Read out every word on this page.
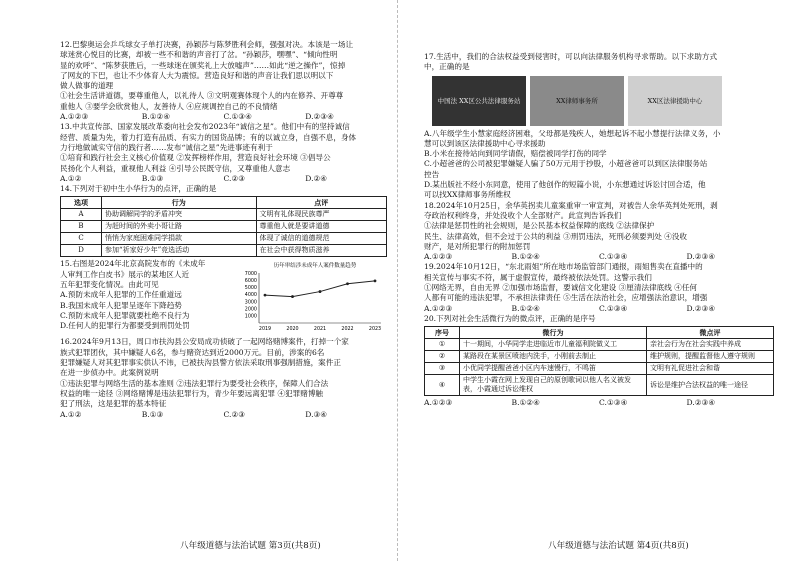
12.巴黎奥运会乒乓球女子单打决赛，孙颖莎与陈梦胜利会师，强强对决。本该是一场让
球迷赏心悦目的比赛，却被一些不和谐的声音打了岔。“孙颖莎，嘿嘿”、“倾向性明
显的欢呼”、“陈梦获胜后，一些球迷在颁奖礼上大放嘘声”……如此“逆之操作”，惊掉
了网友的下巴，也让不少体育人大为震惊。营造良好和谐的声音让我们思以明以下
做人做事的道理
①社会生活讲道德，要尊重他人，以礼待人 ③文明观赛体现个人的内在修养、开尊尊
重他人 ③要学会欣赏他人，友善待人 ④应规调控自己的不良情绪
A.①②③	B.①②④	C.①③④	D.②③④
13.中共宣传部、国家发展改革委向社会发布2023年“诚信之星”。他们中有的坚持诚信
经营、质量为先，着力打造有品质、有实力的国货品牌；有的以诚立身，自强不息，身体
力行地做诚实守信的践行者……发布“诚信之星”先进事迹有利于
①培育和践行社会主义核心价值观 ②发挥榜样作用，营造良好社会环境 ③倡导公
民扬化个人利益，重视他人利益 ④引导公民既守信，又尊重他人意志
A.①②	B.①③	C.②③	D.②④
14.下列对于初中生小华行为的点评，正确的是
选项	行为	点评
A	协助调解同学的矛盾冲突	文明有礼体现民族尊严
B	为赶时间的外卖小哥让路	尊重他人就是要讲道德
C	悄悄为家庭困难同学捐款	体现了诚信的道德规范
D	参加“祈家好少年”竞选活动	在社会中获得物质滋养
15.右图是2024年北京高院发布的《未成年
人审判工作白皮书》展示的某地区人近
五年犯罪变化情况。由此可见
A.预防未成年人犯罪的工作任重道远
B.我国未成年人犯罪呈逐年下降趋势
C.预防未成年人犯罪就要杜绝不良行为
D.任何人的犯罪行为都要受到刑罚处罚
历年审结涉未成年人案件数量趋势
1000
2000
3000
4000
5000
6000
7000
2019	2020	2021	2022	2023
16.2024年9月13日，周口市扶沟县公安局成功侦破了一起网络赌博案件，打掉一个家
族式犯罪团伙，其中嫌疑人6名，参与赌资达到近2000万元。目前，涉案的6名
犯罪嫌疑人对其犯罪事实供认不讳，已被扶沟县警方依法采取刑事强制措施，案件正
在进一步侦办中。此案例说明
①违法犯罪与网络生活的基本准则 ②违法犯罪行为要受社会秩序，保障人们合法
权益的唯一途径 ③网络赌博是违法犯罪行为，青少年要远离犯罪 ④犯罪赌博触
犯了刑法，这是犯罪的基本特征
A.①②	B.①③	C.②③	D.③④
八年级道德与法治试题 第3页(共8页)
17.生活中，我们的合法权益受到侵害时，可以向法律服务机构寻求帮助。以下求助方式
中，正确的是
中国法 XX区公共法律服务站	XX律师事务所	XX区法律援助中心
A.八年级学生小慧家庭经济困难，父母都是残疾人，她想起诉不起小慧提行法律义务，小
慧可以到该区法律援助中心寻求援助
B.小米在接待站向到同学请假，赔偿被同学打伤的同学
C.小超爸爸的公司被犯罪嫌疑人骗了50万元用于抄股，小超爸爸可以到区法律服务站
控告
D.某出版社不经小东同意，使用了他创作的短篇小说，小东想通过诉讼讨回合适，他
可以找XX律师事务所维权
18.2024年10月25日，余华英拐卖儿童案重审一审宣判，对被告人余华英判处死刑，剥
夺政治权利终身，并处没收个人全部财产。此宣判告诉我们
①法律是惩罚性的社会规则，是公民基本权益保障的底线 ②法律保护
民生、法律高效，但不会过于公共的利益 ③刑罚违法，死刑必须要判处 ④没收
财产，是对所犯罪行的附加惩罚
A.①②③	B.①②④	C.①③④	D.②③④
19.2024年10月12日，“东北雨姐”所在地市场监管部门通报，雨姐售卖在直播中的
相关宣传与事实不符，属于虚假宣传，最终被依法处罚。这警示我们
①网络无界，自由无界 ②加强市场监督，要诚信文化建设 ③厘清法律底线 ④任何
人都有可能的违法犯罪，不承担法律责任 ⑤生活在法治社会，应增强法治意识，增强
A.①②③	B.①②④	C.①③④	D.②③④
20.下列对社会生活微行为的微点评，正确的是序号
序号	微行为	微点评
①	十一期间，小华同学走进临近市儿童福利院做义工	亲社会行为在社会实践中养成
②	某路段在某景区喷池内洗手，小刚前去制止	维护规则，提醒监督他人遵守规则
③	小优同学提醒爸爸小区内车速慢行，不鸣笛	文明有礼促进社会和谐
④	中学生小霞在网上发现自己的原创歌词以他人名义被发表，小霞通过诉讼维权	诉讼是维护合法权益的唯一途径
A.①②③	B.①②④	C.①③④	D.②③④
八年级道德与法治试题 第4页(共8页)
